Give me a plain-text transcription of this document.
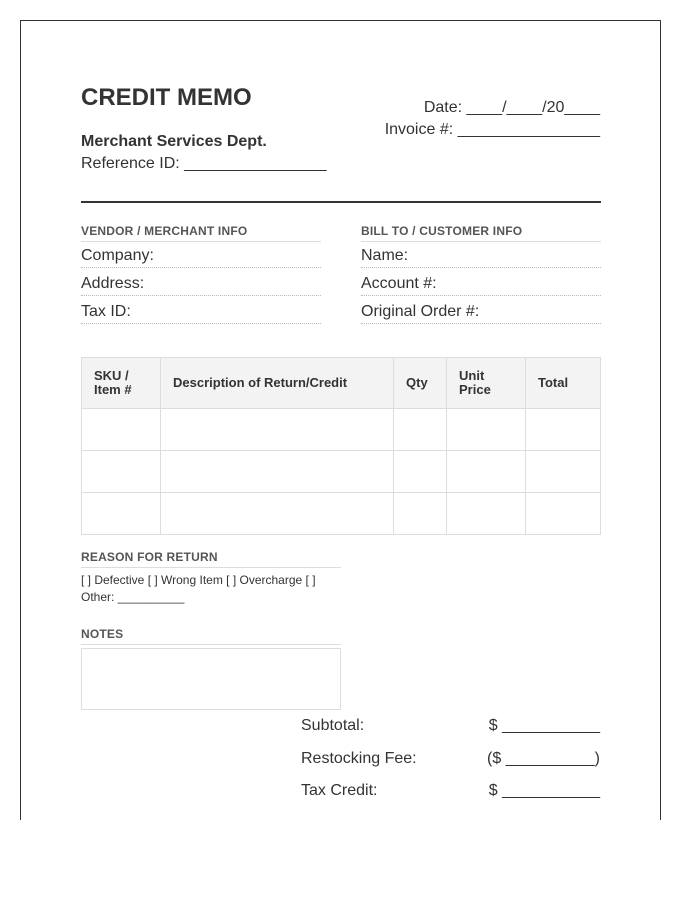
CREDIT MEMO
Merchant Services Dept.
Reference ID: ________________
Date: ____/____/20____
Invoice #: ________________
VENDOR / MERCHANT INFO
Company:
Address:
Tax ID:
BILL TO / CUSTOMER INFO
Name:
Account #:
Original Order #:
SKU / Item #	Description of Return/Credit	Qty	Unit Price	Total

REASON FOR RETURN
[ ] Defective [ ] Wrong Item [ ] Overcharge [ ] Other: __________
NOTES
Subtotal:	$ ___________
Restocking Fee:	($ __________)
Tax Credit:	$ ___________
